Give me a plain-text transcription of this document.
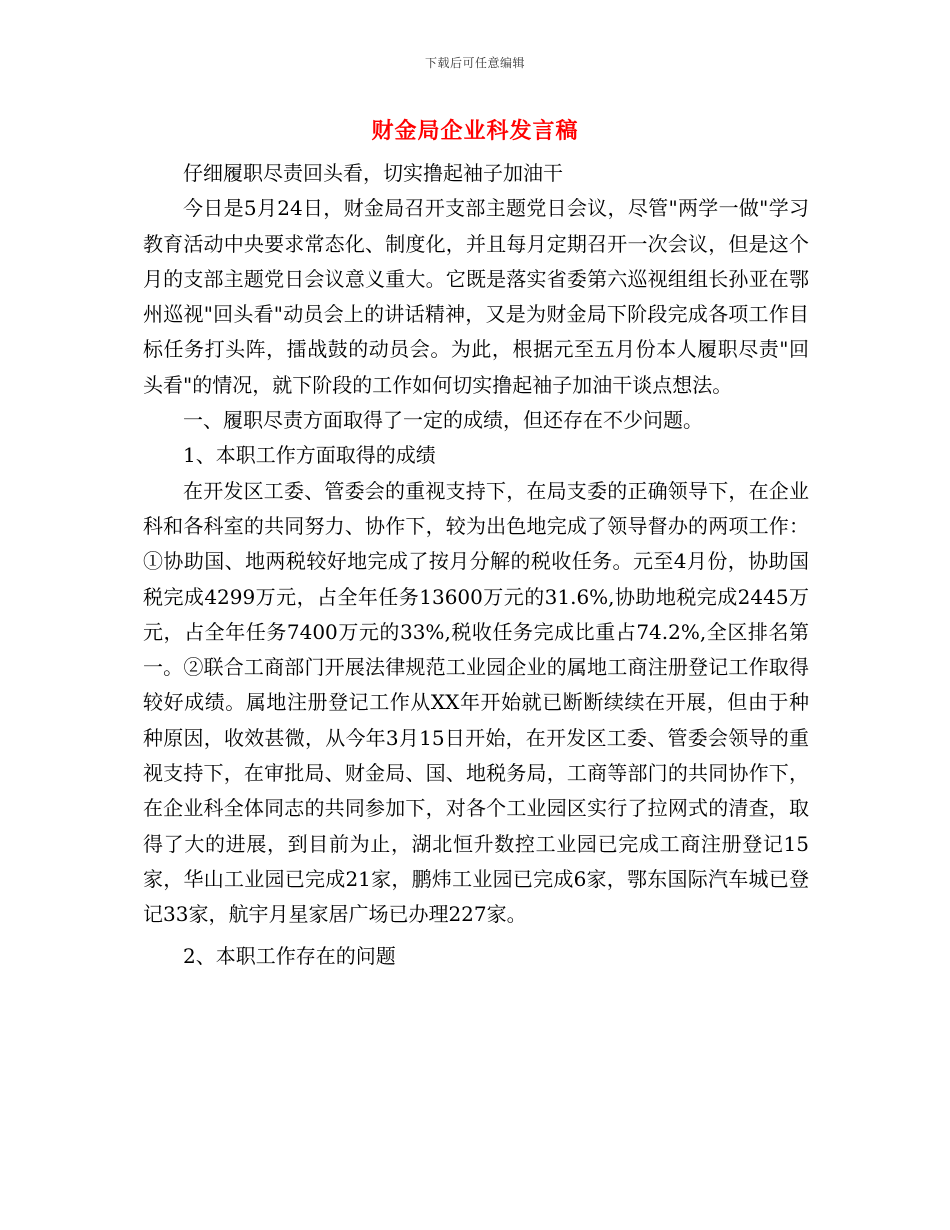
下载后可任意编辑
财金局企业科发言稿

仔细履职尽责回头看，切实撸起袖子加油干

今日是5月24日，财金局召开支部主题党日会议，尽管"两学一做"学习教育活动中央要求常态化、制度化，并且每月定期召开一次会议，但是这个月的支部主题党日会议意义重大。它既是落实省委第六巡视组组长孙亚在鄂州巡视"回头看"动员会上的讲话精神，又是为财金局下阶段完成各项工作目标任务打头阵，擂战鼓的动员会。为此，根据元至五月份本人履职尽责"回头看"的情况，就下阶段的工作如何切实撸起袖子加油干谈点想法。

一、履职尽责方面取得了一定的成绩，但还存在不少问题。

1、本职工作方面取得的成绩

在开发区工委、管委会的重视支持下，在局支委的正确领导下，在企业科和各科室的共同努力、协作下，较为出色地完成了领导督办的两项工作：①协助国、地两税较好地完成了按月分解的税收任务。元至4月份，协助国税完成4299万元，占全年任务13600万元的31.6%,协助地税完成2445万元，占全年任务7400万元的33%,税收任务完成比重占74.2%,全区排名第一。②联合工商部门开展法律规范工业园企业的属地工商注册登记工作取得较好成绩。属地注册登记工作从XX年开始就已断断续续在开展，但由于种种原因，收效甚微，从今年3月15日开始，在开发区工委、管委会领导的重视支持下，在审批局、财金局、国、地税务局，工商等部门的共同协作下，在企业科全体同志的共同参加下，对各个工业园区实行了拉网式的清查，取得了大的进展，到目前为止，湖北恒升数控工业园已完成工商注册登记15家，华山工业园已完成21家，鹏炜工业园已完成6家，鄂东国际汽车城已登记33家，航宇月星家居广场已办理227家。

2、本职工作存在的问题
